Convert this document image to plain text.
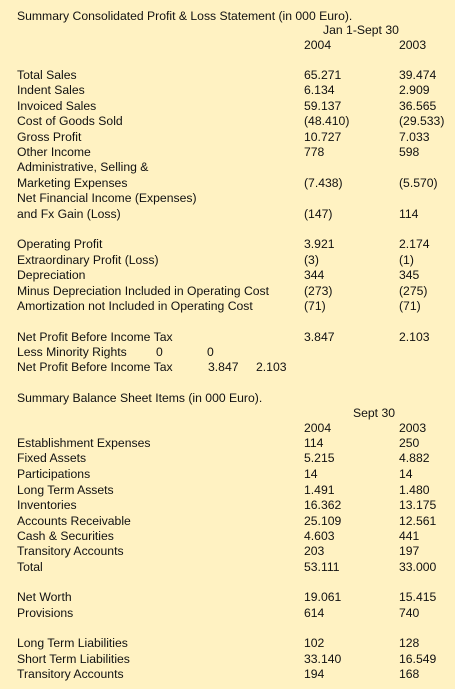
Summary Consolidated Profit & Loss Statement (in 000 Euro).
Jan 1-Sept 30
2004	2003
Total Sales	65.271	39.474
Indent Sales	6.134	2.909
Invoiced Sales	59.137	36.565
Cost of Goods Sold	(48.410)	(29.533)
Gross Profit	10.727	7.033
Other Income	778	598
Administrative, Selling &
Marketing Expenses	(7.438)	(5.570)
Net Financial Income (Expenses)
and Fx Gain (Loss)	(147)	114
Operating Profit	3.921	2.174
Extraordinary Profit (Loss)	(3)	(1)
Depreciation	344	345
Minus Depreciation Included in Operating Cost	(273)	(275)
Amortization not Included in Operating Cost	(71)	(71)
Net Profit Before Income Tax	3.847	2.103
Less Minority Rights 0	0
Net Profit Before Income Tax	3.847 2.103
Summary Balance Sheet Items (in 000 Euro).
Sept 30
2004	2003
Establishment Expenses	114	250
Fixed Assets	5.215	4.882
Participations	14	14
Long Term Assets	1.491	1.480
Inventories	16.362	13.175
Accounts Receivable	25.109	12.561
Cash & Securities	4.603	441
Transitory Accounts	203	197
Total	53.111	33.000
Net Worth	19.061	15.415
Provisions	614	740
Long Term Liabilities	102	128
Short Term Liabilities	33.140	16.549
Transitory Accounts	194	168
